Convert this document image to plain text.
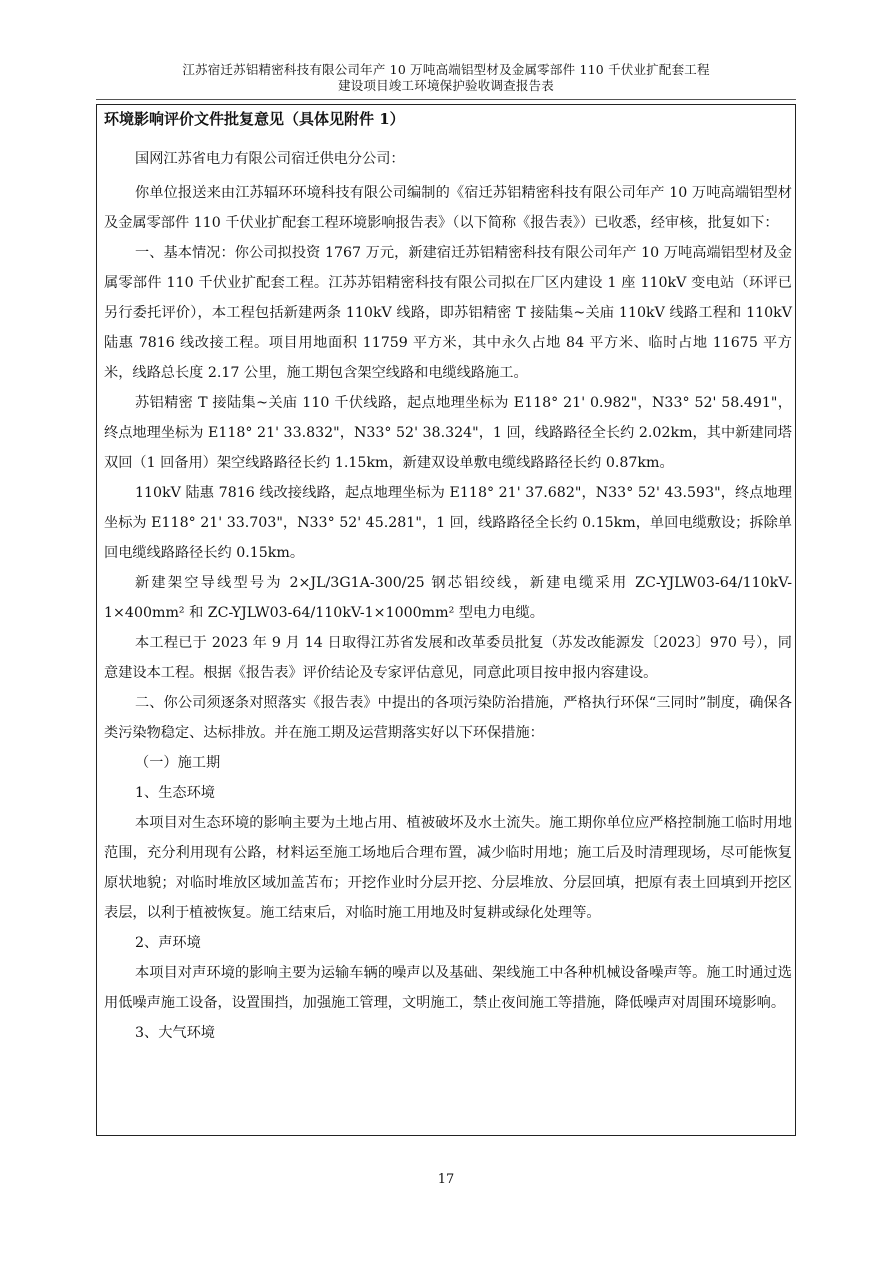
江苏宿迁苏铝精密科技有限公司年产 10 万吨高端铝型材及金属零部件 110 千伏业扩配套工程
建设项目竣工环境保护验收调查报告表
环境影响评价文件批复意见（具体见附件 1）

国网江苏省电力有限公司宿迁供电分公司：

你单位报送来由江苏辐环环境科技有限公司编制的《宿迁苏铝精密科技有限公司年产 10 万吨高端铝型材及金属零部件 110 千伏业扩配套工程环境影响报告表》（以下简称《报告表》）已收悉，经审核，批复如下：

一、基本情况：你公司拟投资 1767 万元，新建宿迁苏铝精密科技有限公司年产 10 万吨高端铝型材及金属零部件 110 千伏业扩配套工程。江苏苏铝精密科技有限公司拟在厂区内建设 1 座 110kV 变电站（环评已另行委托评价），本工程包括新建两条 110kV 线路，即苏铝精密 T 接陆集~关庙 110kV 线路工程和 110kV 陆惠 7816 线改接工程。项目用地面积 11759 平方米，其中永久占地 84 平方米、临时占地 11675 平方米，线路总长度 2.17 公里，施工期包含架空线路和电缆线路施工。

苏铝精密 T 接陆集~关庙 110 千伏线路，起点地理坐标为 E118° 21' 0.982"，N33° 52' 58.491"，终点地理坐标为 E118° 21' 33.832"，N33° 52' 38.324"，1 回，线路路径全长约 2.02km，其中新建同塔双回（1 回备用）架空线路路径长约 1.15km，新建双设单敷电缆线路路径长约 0.87km。

110kV 陆惠 7816 线改接线路，起点地理坐标为 E118° 21' 37.682"，N33° 52' 43.593"，终点地理坐标为 E118° 21' 33.703"，N33° 52' 45.281"，1 回，线路路径全长约 0.15km，单回电缆敷设；拆除单回电缆线路路径长约 0.15km。

新建架空导线型号为 2×JL/3G1A-300/25 钢芯铝绞线，新建电缆采用 ZC-YJLW03-64/110kV-1×400mm² 和 ZC-YJLW03-64/110kV-1×1000mm² 型电力电缆。

本工程已于 2023 年 9 月 14 日取得江苏省发展和改革委员批复（苏发改能源发〔2023〕970 号），同意建设本工程。根据《报告表》评价结论及专家评估意见，同意此项目按申报内容建设。

二、你公司须逐条对照落实《报告表》中提出的各项污染防治措施，严格执行环保“三同时”制度，确保各类污染物稳定、达标排放。并在施工期及运营期落实好以下环保措施：

（一）施工期

1、生态环境

本项目对生态环境的影响主要为土地占用、植被破坏及水土流失。施工期你单位应严格控制施工临时用地范围，充分利用现有公路，材料运至施工场地后合理布置，减少临时用地；施工后及时清理现场，尽可能恢复原状地貌；对临时堆放区域加盖苫布；开挖作业时分层开挖、分层堆放、分层回填，把原有表土回填到开挖区表层，以利于植被恢复。施工结束后，对临时施工用地及时复耕或绿化处理等。

2、声环境

本项目对声环境的影响主要为运输车辆的噪声以及基础、架线施工中各种机械设备噪声等。施工时通过选用低噪声施工设备，设置围挡，加强施工管理，文明施工，禁止夜间施工等措施，降低噪声对周围环境影响。

3、大气环境

17
